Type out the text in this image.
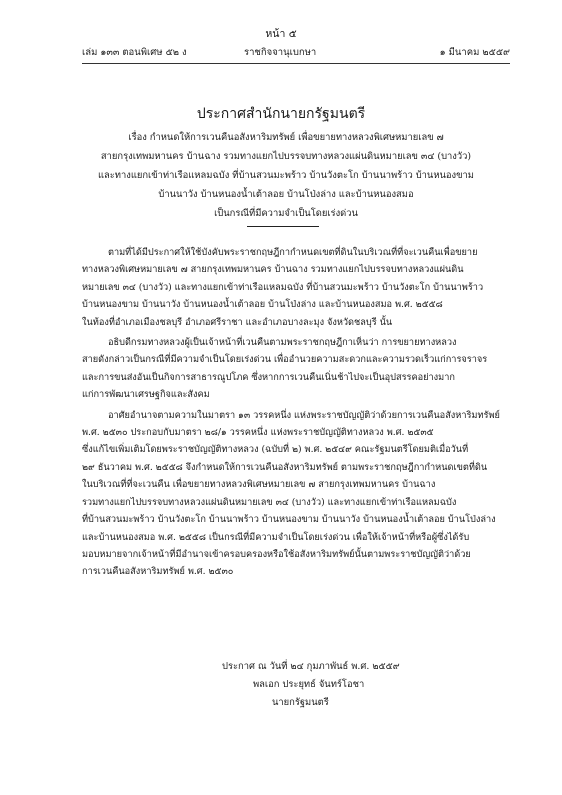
หน้า ๕
เล่ม ๑๓๓ ตอนพิเศษ ๕๒ ง	ราชกิจจานุเบกษา	๑ มีนาคม ๒๕๕๙
ประกาศสำนักนายกรัฐมนตรี
เรื่อง กำหนดให้การเวนคืนอสังหาริมทรัพย์ เพื่อขยายทางหลวงพิเศษหมายเลข ๗
สายกรุงเทพมหานคร บ้านฉาง รวมทางแยกไปบรรจบทางหลวงแผ่นดินหมายเลข ๓๔ (บางวัว)
และทางแยกเข้าท่าเรือแหลมฉบัง ที่บ้านสวนมะพร้าว บ้านวังตะโก บ้านนาพร้าว บ้านหนองขาม
บ้านนาวัง บ้านหนองน้ำเต้าลอย บ้านโป่งล่าง และบ้านหนองสมอ
เป็นกรณีที่มีความจำเป็นโดยเร่งด่วน
ตามที่ได้มีประกาศให้ใช้บังคับพระราชกฤษฎีกากำหนดเขตที่ดินในบริเวณที่ที่จะเวนคืนเพื่อขยาย
ทางหลวงพิเศษหมายเลข ๗ สายกรุงเทพมหานคร บ้านฉาง รวมทางแยกไปบรรจบทางหลวงแผ่นดิน
หมายเลข ๓๔ (บางวัว) และทางแยกเข้าท่าเรือแหลมฉบัง ที่บ้านสวนมะพร้าว บ้านวังตะโก บ้านนาพร้าว
บ้านหนองขาม บ้านนาวัง บ้านหนองน้ำเต้าลอย บ้านโป่งล่าง และบ้านหนองสมอ พ.ศ. ๒๕๕๘
ในท้องที่อำเภอเมืองชลบุรี อำเภอศรีราชา และอำเภอบางละมุง จังหวัดชลบุรี นั้น
อธิบดีกรมทางหลวงผู้เป็นเจ้าหน้าที่เวนคืนตามพระราชกฤษฎีกาเห็นว่า การขยายทางหลวง
สายดังกล่าวเป็นกรณีที่มีความจำเป็นโดยเร่งด่วน เพื่ออำนวยความสะดวกและความรวดเร็วแก่การจราจร
และการขนส่งอันเป็นกิจการสาธารณูปโภค ซึ่งหากการเวนคืนเนิ่นช้าไปจะเป็นอุปสรรคอย่างมาก
แก่การพัฒนาเศรษฐกิจและสังคม
อาศัยอำนาจตามความในมาตรา ๑๓ วรรคหนึ่ง แห่งพระราชบัญญัติว่าด้วยการเวนคืนอสังหาริมทรัพย์
พ.ศ. ๒๕๓๐ ประกอบกับมาตรา ๒๘/๑ วรรคหนึ่ง แห่งพระราชบัญญัติทางหลวง พ.ศ. ๒๕๓๕
ซึ่งแก้ไขเพิ่มเติมโดยพระราชบัญญัติทางหลวง (ฉบับที่ ๒) พ.ศ. ๒๕๔๙ คณะรัฐมนตรีโดยมติเมื่อวันที่
๒๙ ธันวาคม พ.ศ. ๒๕๕๘ จึงกำหนดให้การเวนคืนอสังหาริมทรัพย์ ตามพระราชกฤษฎีกากำหนดเขตที่ดิน
ในบริเวณที่ที่จะเวนคืน เพื่อขยายทางหลวงพิเศษหมายเลข ๗ สายกรุงเทพมหานคร บ้านฉาง
รวมทางแยกไปบรรจบทางหลวงแผ่นดินหมายเลข ๓๔ (บางวัว) และทางแยกเข้าท่าเรือแหลมฉบัง
ที่บ้านสวนมะพร้าว บ้านวังตะโก บ้านนาพร้าว บ้านหนองขาม บ้านนาวัง บ้านหนองน้ำเต้าลอย บ้านโป่งล่าง
และบ้านหนองสมอ พ.ศ. ๒๕๕๘ เป็นกรณีที่มีความจำเป็นโดยเร่งด่วน เพื่อให้เจ้าหน้าที่หรือผู้ซึ่งได้รับ
มอบหมายจากเจ้าหน้าที่มีอำนาจเข้าครอบครองหรือใช้อสังหาริมทรัพย์นั้นตามพระราชบัญญัติว่าด้วย
การเวนคืนอสังหาริมทรัพย์ พ.ศ. ๒๕๓๐
ประกาศ ณ วันที่ ๒๔ กุมภาพันธ์ พ.ศ. ๒๕๕๙
พลเอก ประยุทธ์ จันทร์โอชา
นายกรัฐมนตรี
